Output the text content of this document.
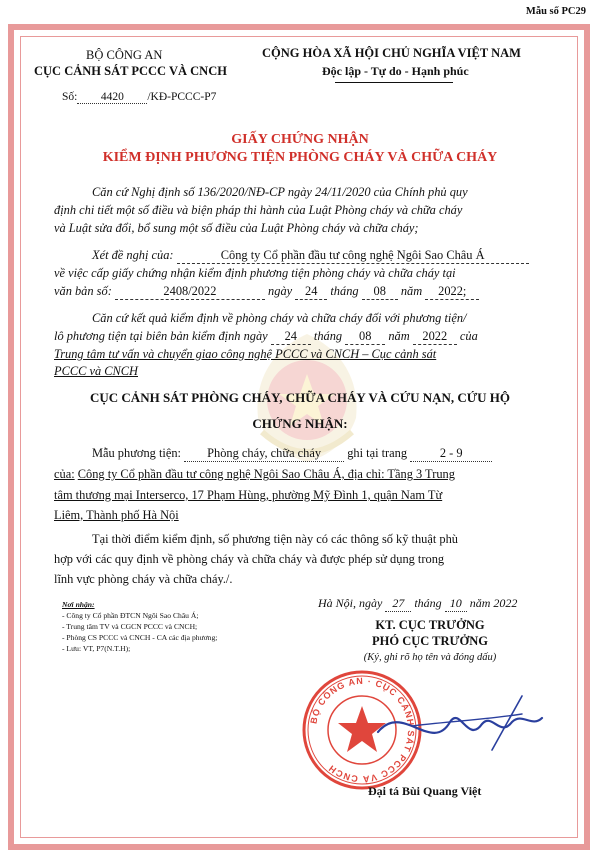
Mẫu số PC29
BỘ CÔNG AN
CỤC CẢNH SÁT PCCC VÀ CNCH
Số: 4420 /KĐ-PCCC-P7
CỘNG HÒA XÃ HỘI CHỦ NGHĨA VIỆT NAM
Độc lập - Tự do - Hạnh phúc
GIẤY CHỨNG NHẬN
KIỂM ĐỊNH PHƯƠNG TIỆN PHÒNG CHÁY VÀ CHỮA CHÁY
Căn cứ Nghị định số 136/2020/NĐ-CP ngày 24/11/2020 của Chính phủ quy
định chi tiết một số điều và biện pháp thi hành của Luật Phòng cháy và chữa cháy
và Luật sửa đổi, bổ sung một số điều của Luật Phòng cháy và chữa cháy;
Xét đề nghị của:	Công ty Cổ phần đầu tư công nghệ Ngôi Sao Châu Á
về việc cấp giấy chứng nhận kiểm định phương tiện phòng cháy và chữa cháy tại
văn bản số:	2408/2022	ngày 24 tháng 08 năm 2022;
Căn cứ kết quả kiểm định về phòng cháy và chữa cháy đối với phương tiện/
lô phương tiện tại biên bản kiểm định ngày 24 tháng 08 năm 2022 của
Trung tâm tư vấn và chuyển giao công nghệ PCCC và CNCH – Cục cảnh sát
PCCC và CNCH
CỤC CẢNH SÁT PHÒNG CHÁY, CHỮA CHÁY VÀ CỨU NẠN, CỨU HỘ
CHỨNG NHẬN:
Mẫu phương tiện: Phòng cháy, chữa cháy ghi tại trang	2 - 9
của: Công ty Cổ phần đầu tư công nghệ Ngôi Sao Châu Á, địa chỉ: Tầng 3 Trung
tâm thương mại Interserco, 17 Phạm Hùng, phường Mỹ Đình 1, quận Nam Từ
Liêm, Thành phố Hà Nội
Tại thời điểm kiểm định, số phương tiện này có các thông số kỹ thuật phù
hợp với các quy định về phòng cháy và chữa cháy và được phép sử dụng trong
lĩnh vực phòng cháy và chữa cháy./.
Nơi nhận:
- Công ty Cổ phần ĐTCN Ngôi Sao Châu Á;
- Trung tâm TV và CGCN PCCC và CNCH;
- Phòng CS PCCC và CNCH - CA các địa phương;
- Lưu: VT, P7(N.T.H);
Hà Nội, ngày 27 tháng 10 năm 2022
KT. CỤC TRƯỞNG
PHÓ CỤC TRƯỞNG
(Ký, ghi rõ họ tên và đóng dấu)
BỘ CÔNG AN · CỤC CẢNH SÁT PCCC VÀ CNCH
Đại tá Bùi Quang Việt
